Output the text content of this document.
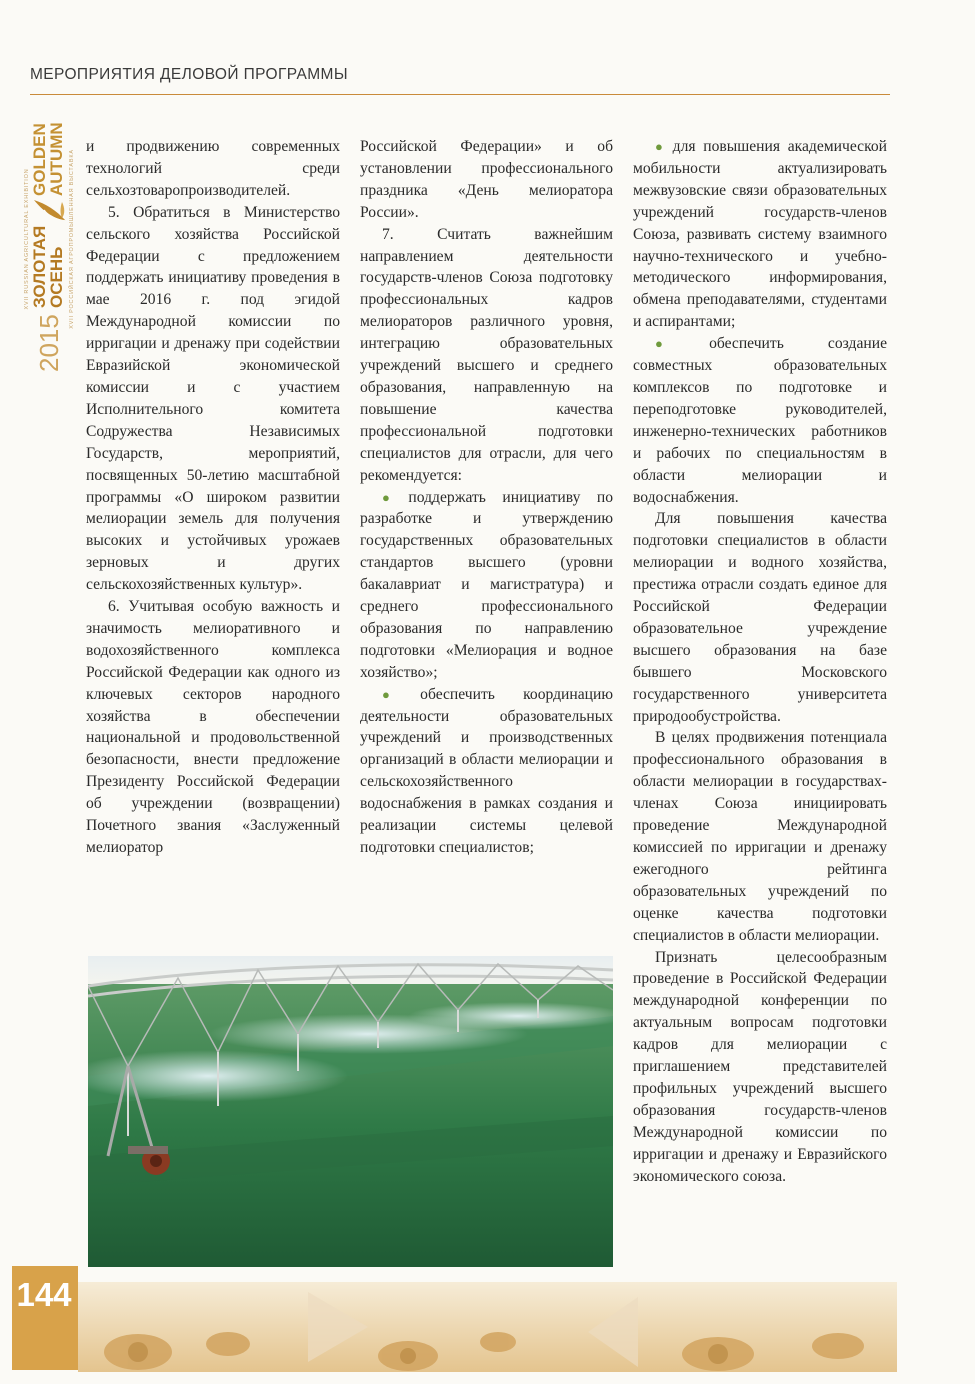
МЕРОПРИЯТИЯ ДЕЛОВОЙ ПРОГРАММЫ
XVII RUSSIAN AGRICULTURAL EXHIBITION
2015
ЗОЛОТАЯ
ОСЕНЬ
GOLDEN
AUTUMN XVII РОССИЙСКАЯ АГРОПРОМЫШЛЕННАЯ ВЫСТАВКА

и продвижению современных технологий среди сельхозтоваропроизводителей.

5. Обратиться в Министерство сельского хозяйства Российской Федерации с предложением поддержать инициативу проведения в мае 2016 г. под эгидой Международной комиссии по ирригации и дренажу при содействии Евразийской экономической комиссии и с участием Исполнительного комитета Содружества Независимых Государств, мероприятий, посвященных 50-летию масштабной программы «О широком развитии мелиорации земель для получения высоких и устойчивых урожаев зерновых и других сельскохозяйственных культур».

6. Учитывая особую важность и значимость мелиоративного и водохозяйственного комплекса Российской Федерации как одного из ключевых секторов народного хозяйства в обеспечении национальной и продовольственной безопасности, внести предложение Президенту Российской Федерации об учреждении (возвращении) Почетного звания «Заслуженный мелиоратор

Российской Федерации» и об установлении профессионального праздника «День мелиоратора России».

7. Считать важнейшим направлением деятельности государств-членов Союза подготовку профессиональных кадров мелиораторов различного уровня, интеграцию образовательных учреждений высшего и среднего образования, направленную на повышение качества профессиональной подготовки специалистов для отрасли, для чего рекомендуется:

● поддержать инициативу по разработке и утверждению государственных образовательных стандартов высшего (уровни бакалавриат и магистратура) и среднего профессионального образования по направлению подготовки «Мелиорация и водное хозяйство»;

● обеспечить координацию деятельности образовательных учреждений и производственных организаций в области мелиорации и сельскохозяйственного водоснабжения в рамках создания и реализации системы целевой подготовки специалистов;

● для повышения академической мобильности актуализировать межвузовские связи образовательных учреждений государств-членов Союза, развивать систему взаимного научно-технического и учебно-методического информирования, обмена преподавателями, студентами и аспирантами;

● обеспечить создание совместных образовательных комплексов по подготовке и переподготовке руководителей, инженерно-технических работников и рабочих по специальностям в области мелиорации и водоснабжения.

Для повышения качества подготовки специалистов в области мелиорации и водного хозяйства, престижа отрасли создать единое для Российской Федерации образовательное учреждение высшего образования на базе бывшего Московского государственного университета природообустройства.

В целях продвижения потенциала профессионального образования в области мелиорации в государствах-членах Союза инициировать проведение Международной комиссией по ирригации и дренажу ежегодного рейтинга образовательных учреждений по оценке качества подготовки специалистов в области мелиорации.

Признать целесообразным проведение в Российской Федерации международной конференции по актуальным вопросам подготовки кадров для мелиорации с приглашением представителей профильных учреждений высшего образования государств-членов Международной комиссии по ирригации и дренажу и Евразийского экономического союза.

144
